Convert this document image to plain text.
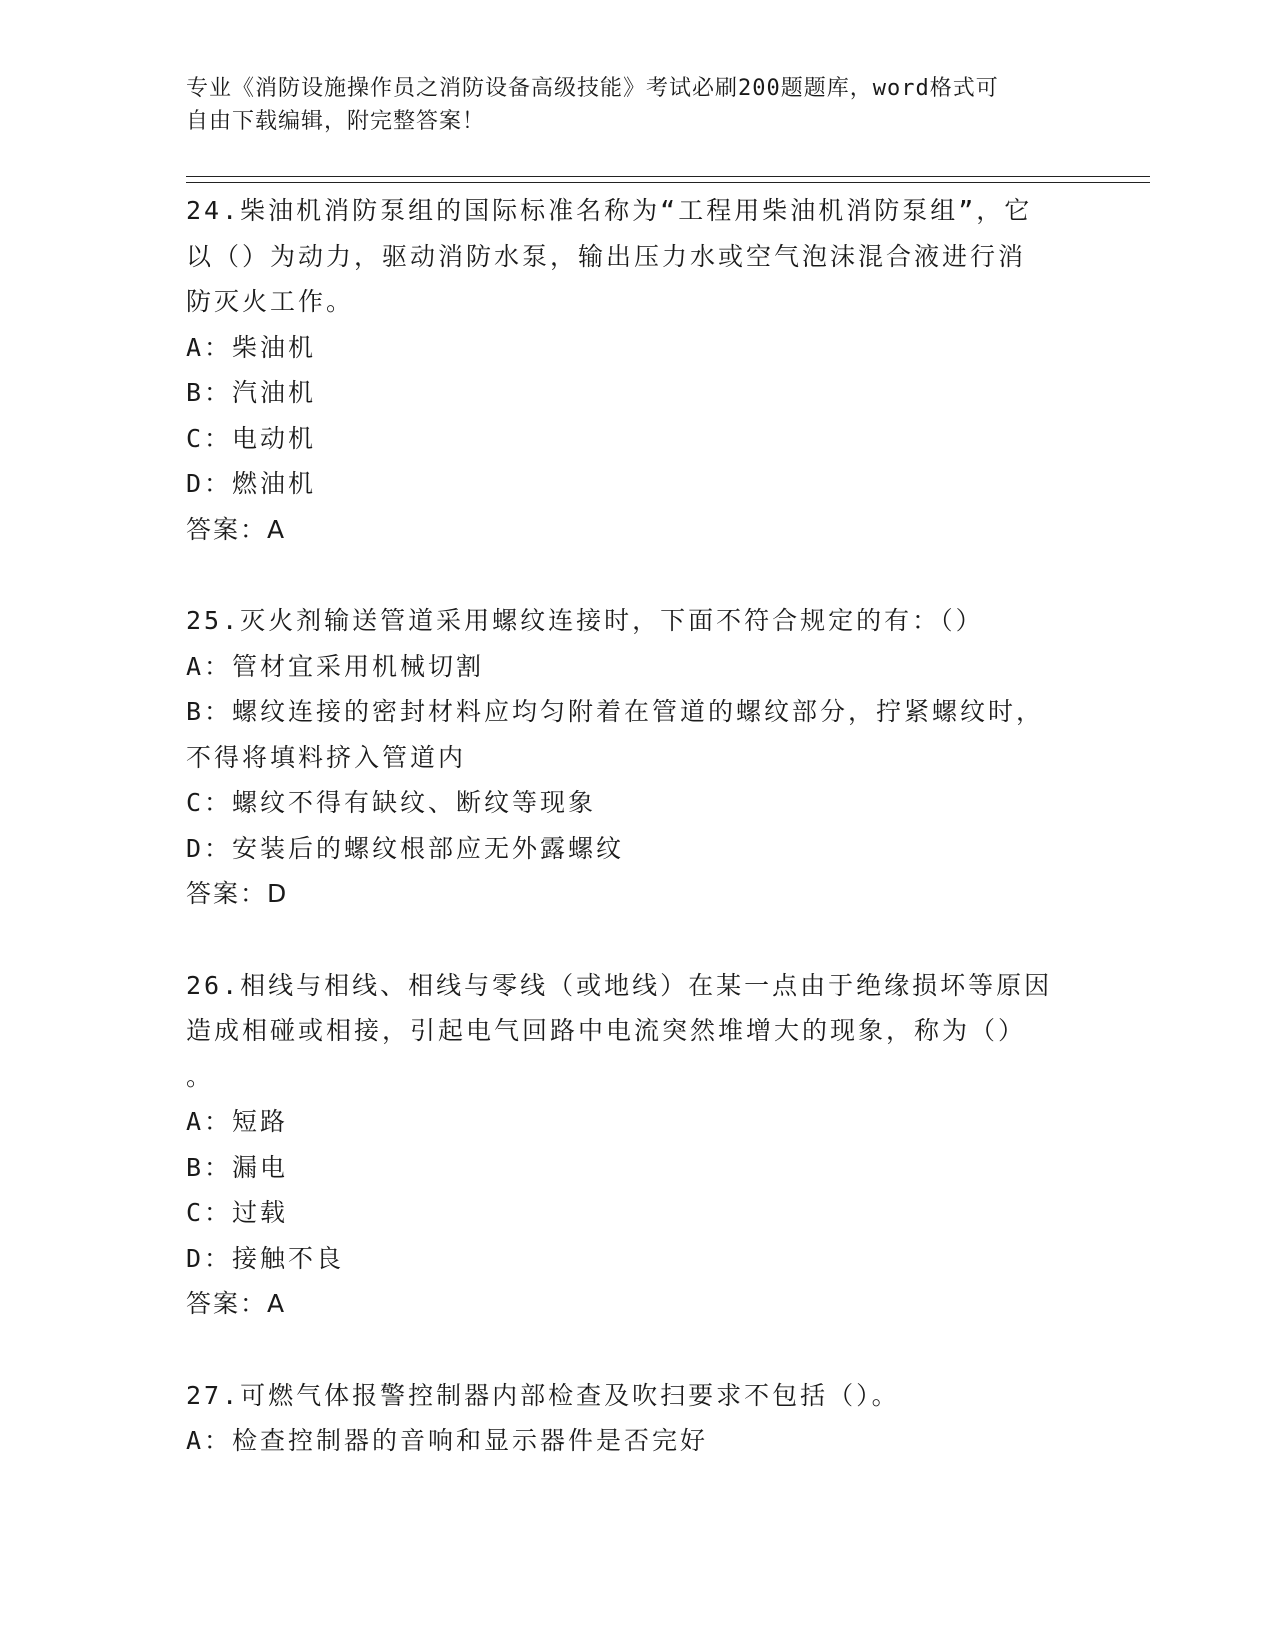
专业《消防设施操作员之消防设备高级技能》考试必刷200题题库，word格式可
自由下载编辑，附完整答案！
24.柴油机消防泵组的国际标准名称为“工程用柴油机消防泵组”，它
以（）为动力，驱动消防水泵，输出压力水或空气泡沫混合液进行消
防灭火工作。
A：柴油机
B：汽油机
C：电动机
D：燃油机
答案：A
25.灭火剂输送管道采用螺纹连接时，下面不符合规定的有：（）
A：管材宜采用机械切割
B：螺纹连接的密封材料应均匀附着在管道的螺纹部分，拧紧螺纹时，
不得将填料挤入管道内
C：螺纹不得有缺纹、断纹等现象
D：安装后的螺纹根部应无外露螺纹
答案：D
26.相线与相线、相线与零线（或地线）在某一点由于绝缘损坏等原因
造成相碰或相接，引起电气回路中电流突然堆增大的现象，称为（）
。
A：短路
B：漏电
C：过载
D：接触不良
答案：A
27.可燃气体报警控制器内部检查及吹扫要求不包括（）。
A：检查控制器的音响和显示器件是否完好
